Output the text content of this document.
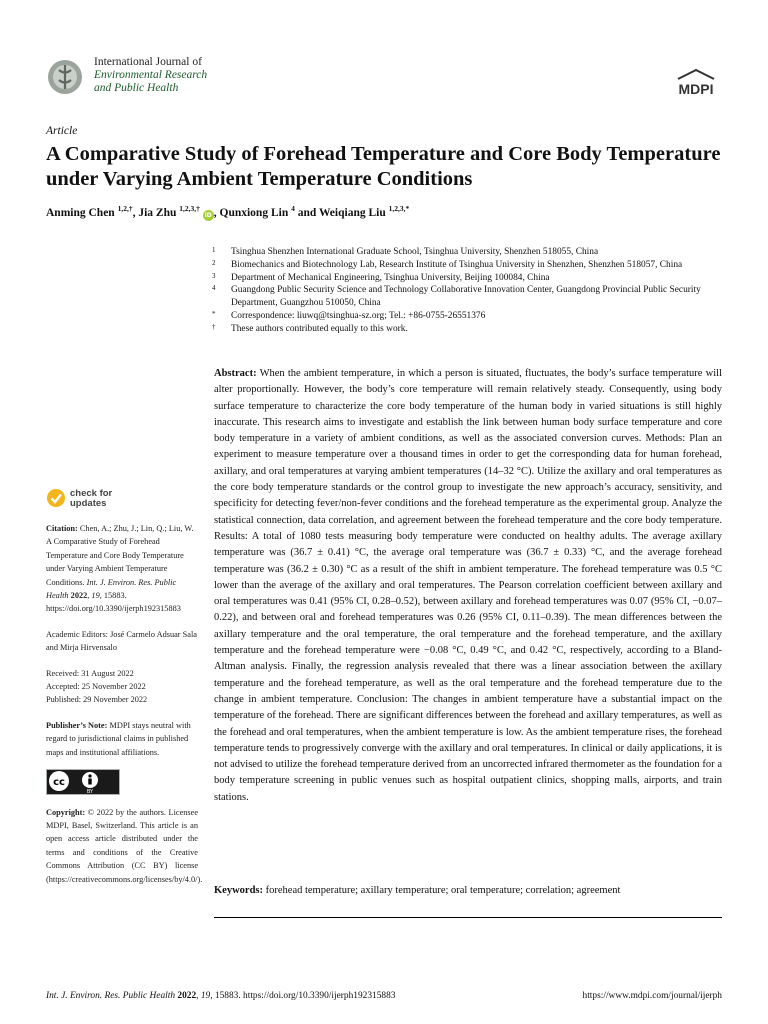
International Journal of
Environmental Research
and Public Health	MDPI
Article
A Comparative Study of Forehead Temperature and Core Body Temperature under Varying Ambient Temperature Conditions
Anming Chen $^{1,2,\dagger}$, Jia Zhu $^{1,2,3,\dagger}$ iD , Qunxiong Lin $^4$ and Weiqiang Liu $^{1,2,3,*}$
1 Tsinghua Shenzhen International Graduate School, Tsinghua University, Shenzhen 518055, China
2 Biomechanics and Biotechnology Lab, Research Institute of Tsinghua University in Shenzhen, Shenzhen 518057, China
3 Department of Mechanical Engineering, Tsinghua University, Beijing 100084, China
4 Guangdong Public Security Science and Technology Collaborative Innovation Center, Guangdong Provincial Public Security Department, Guangzhou 510050, China
* Correspondence: liuwq@tsinghua-sz.org; Tel.: +86-0755-26551376
† These authors contributed equally to this work.
Abstract: When the ambient temperature, in which a person is situated, fluctuates, the body’s surface temperature will alter proportionally. However, the body’s core temperature will remain relatively steady. Consequently, using body surface temperature to characterize the core body temperature of the human body in varied situations is still highly inaccurate. This research aims to investigate and establish the link between human body surface temperature and core body temperature in a variety of ambient conditions, as well as the associated conversion curves. Methods: Plan an experiment to measure temperature over a thousand times in order to get the corresponding data for human forehead, axillary, and oral temperatures at varying ambient temperatures (14–32 °C). Utilize the axillary and oral temperatures as the core body temperature standards or the control group to investigate the new approach’s accuracy, sensitivity, and specificity for detecting fever/non-fever conditions and the forehead temperature as the experimental group. Analyze the statistical connection, data correlation, and agreement between the forehead temperature and the core body temperature. Results: A total of 1080 tests measuring body temperature were conducted on healthy adults. The average axillary temperature was (36.7 ± 0.41) °C, the average oral temperature was (36.7 ± 0.33) °C, and the average forehead temperature was (36.2 ± 0.30) °C as a result of the shift in ambient temperature. The forehead temperature was 0.5 °C lower than the average of the axillary and oral temperatures. The Pearson correlation coefficient between axillary and oral temperatures was 0.41 (95% CI, 0.28–0.52), between axillary and forehead temperatures was 0.07 (95% CI, −0.07–0.22), and between oral and forehead temperatures was 0.26 (95% CI, 0.11–0.39). The mean differences between the axillary temperature and the oral temperature, the oral temperature and the forehead temperature, and the axillary temperature and the forehead temperature were −0.08 °C, 0.49 °C, and 0.42 °C, respectively, according to a Bland-Altman analysis. Finally, the regression analysis revealed that there was a linear association between the axillary temperature and the forehead temperature, as well as the oral temperature and the forehead temperature due to the change in ambient temperature. Conclusion: The changes in ambient temperature have a substantial impact on the temperature of the forehead. There are significant differences between the forehead and axillary temperatures, as well as the forehead and oral temperatures, when the ambient temperature is low. As the ambient temperature rises, the forehead temperature tends to progressively converge with the axillary and oral temperatures. In clinical or daily applications, it is not advised to utilize the forehead temperature derived from an uncorrected infrared thermometer as the foundation for a body temperature screening in public venues such as hospital outpatient clinics, shopping malls, airports, and train stations.
Keywords: forehead temperature; axillary temperature; oral temperature; correlation; agreement
check for
updates
Citation: Chen, A.; Zhu, J.; Lin, Q.; Liu, W. A Comparative Study of Forehead Temperature and Core Body Temperature under Varying Ambient Temperature Conditions. Int. J. Environ. Res. Public Health 2022, 19, 15883. https://doi.org/10.3390/ijerph192315883
Academic Editors: José Carmelo Adsuar Sala and Mirja Hirvensalo
Received: 31 August 2022
Accepted: 25 November 2022
Published: 29 November 2022
Publisher’s Note: MDPI stays neutral with regard to jurisdictional claims in published maps and institutional affiliations.
cc
BY
Copyright: © 2022 by the authors. Licensee MDPI, Basel, Switzerland. This article is an open access article distributed under the terms and conditions of the Creative Commons Attribution (CC BY) license (https://creativecommons.org/licenses/by/4.0/).
Int. J. Environ. Res. Public Health 2022, 19, 15883. https://doi.org/10.3390/ijerph192315883	https://www.mdpi.com/journal/ijerph
